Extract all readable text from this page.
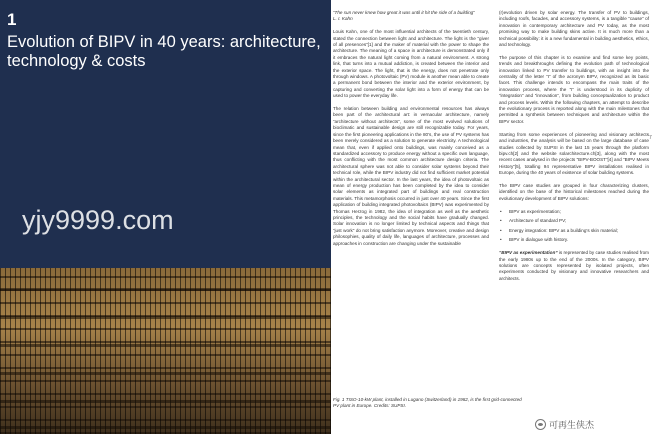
1
Evolution of BIPV in 40 years: architecture, technology & costs
yjy9999.com

“The sun never knew how great it was until it hit the side of a building”
L. I. Kahn

Louis Kahn, one of the most influential architects of the twentieth century, stated the connection between light and architecture. The light is the “giver of all presences”[1] and the maker of material with the power to shape the architecture. The meaning of a space in architecture is demonstrated only if it embraces the natural light coming from a natural environment. A strong link, that turns into a mutual addiction, is created between the interior and the exterior space. The light, that is the energy, does not penetrate only through windows. A photovoltaic (PV) module is another mean able to create a permanent bond between the interior and the exterior environment, by capturing and converting the solar light into a form of energy that can be used to power the everyday life.

The relation between building and environmental resources has always been part of the architectural art: in vernacular architecture, namely “architecture without architects”, some of the most evolved solutions of bioclimatic and sustainable design are still recognizable today. For years, since the first pioneering applications in the 80’s, the use of PV systems has been merely considered as a solution to generate electricity. A technological mean that, even if applied onto buildings, was mainly conceived as a standardized accessory to produce energy without a specific own language, thus conflicting with the most common architecture design criteria. The architectural sphere was not able to consider solar systems beyond their technical role, while the BIPV industry did not find sufficient market potential within the architectural sector. In the last years, the idea of photovoltaic as mean of energy production has been completed by the idea to consider solar elements as integrated part of buildings and real construction materials. This metamorphosis occurred in just over 40 years. Since the first application of building integrated photovoltaics (BIPV) was experimented by Thomas Herzog in 1982, the idea of integration as well as the aesthetic principles, the technology and the social habits have gradually changed. Solar innovation is no longer limited by technical aspects and things that “just work” do not bring satisfaction anymore. Moreover, creative and design philosophies, quality of daily life, languages of architecture, processes and approaches in construction are changing under the sustainable

(r)evolution driven by solar energy. The transfer of PV to buildings, including roofs, facades, and accessory systems, is a tangible “cause” of innovation in contemporary architecture and PV today, as the most promising way to make building skins active. It is much more than a technical possibility: it is a new fundamental in building aesthetics, ethics, and technology.

The purpose of this chapter is to examine and find some key points, trends and breakthroughs defining the evolution path of technological innovation linked to PV transfer to buildings, with an insight into the centrality of the letter “I” of the acronym BIPV, recognized as its basic facet. This challenge intends to encompass the main traits of the innovation process, where the “I” is understood in its duplicity of “integration” and “innovation”, from building conceptualization to product and process levels. Within the following chapters, an attempt to describe the evolutionary process is reported along with the main milestones that permitted a synthesis between techniques and architecture within the BIPV sector.

Starting from some experiences of pioneering and visionary architects and industries, the analysis will be based on the large database of case studies collected by SUPSI in the last 15 years through the platform bipv.ch[2] and the website solarchitecture.ch[3], along with the most recent cases analysed in the projects “BIPV-BOOST”[4] and “BIPV Meets History”[5], totalling 94 representative BIPV installations realised in Europe, during the 40 years of existence of solar building systems.

The BIPV case studies are grouped in four characterizing clusters, identified on the base of the historical milestones reached during the evolutionary development of BIPV solutions:

• BIPV as experimentation;
• Architecture of standard PV;
• Energy integration: BIPV as a building’s skin material;
• BIPV in dialogue with history.

“BIPV as experimentation” is represented by case studies realised from the early 1980s up to the end of the 2000s. In the category, BIPV solutions are concepts represented by isolated projects, often experiments conducted by visionary and innovative researchers and architects.

7
Fig. 1 TISO-10-kW plant, installed in Lugano (Switzerland) in 1982, is the first grid-connected PV plant in Europe. Credits: SUPSI.
可再生侠杰
